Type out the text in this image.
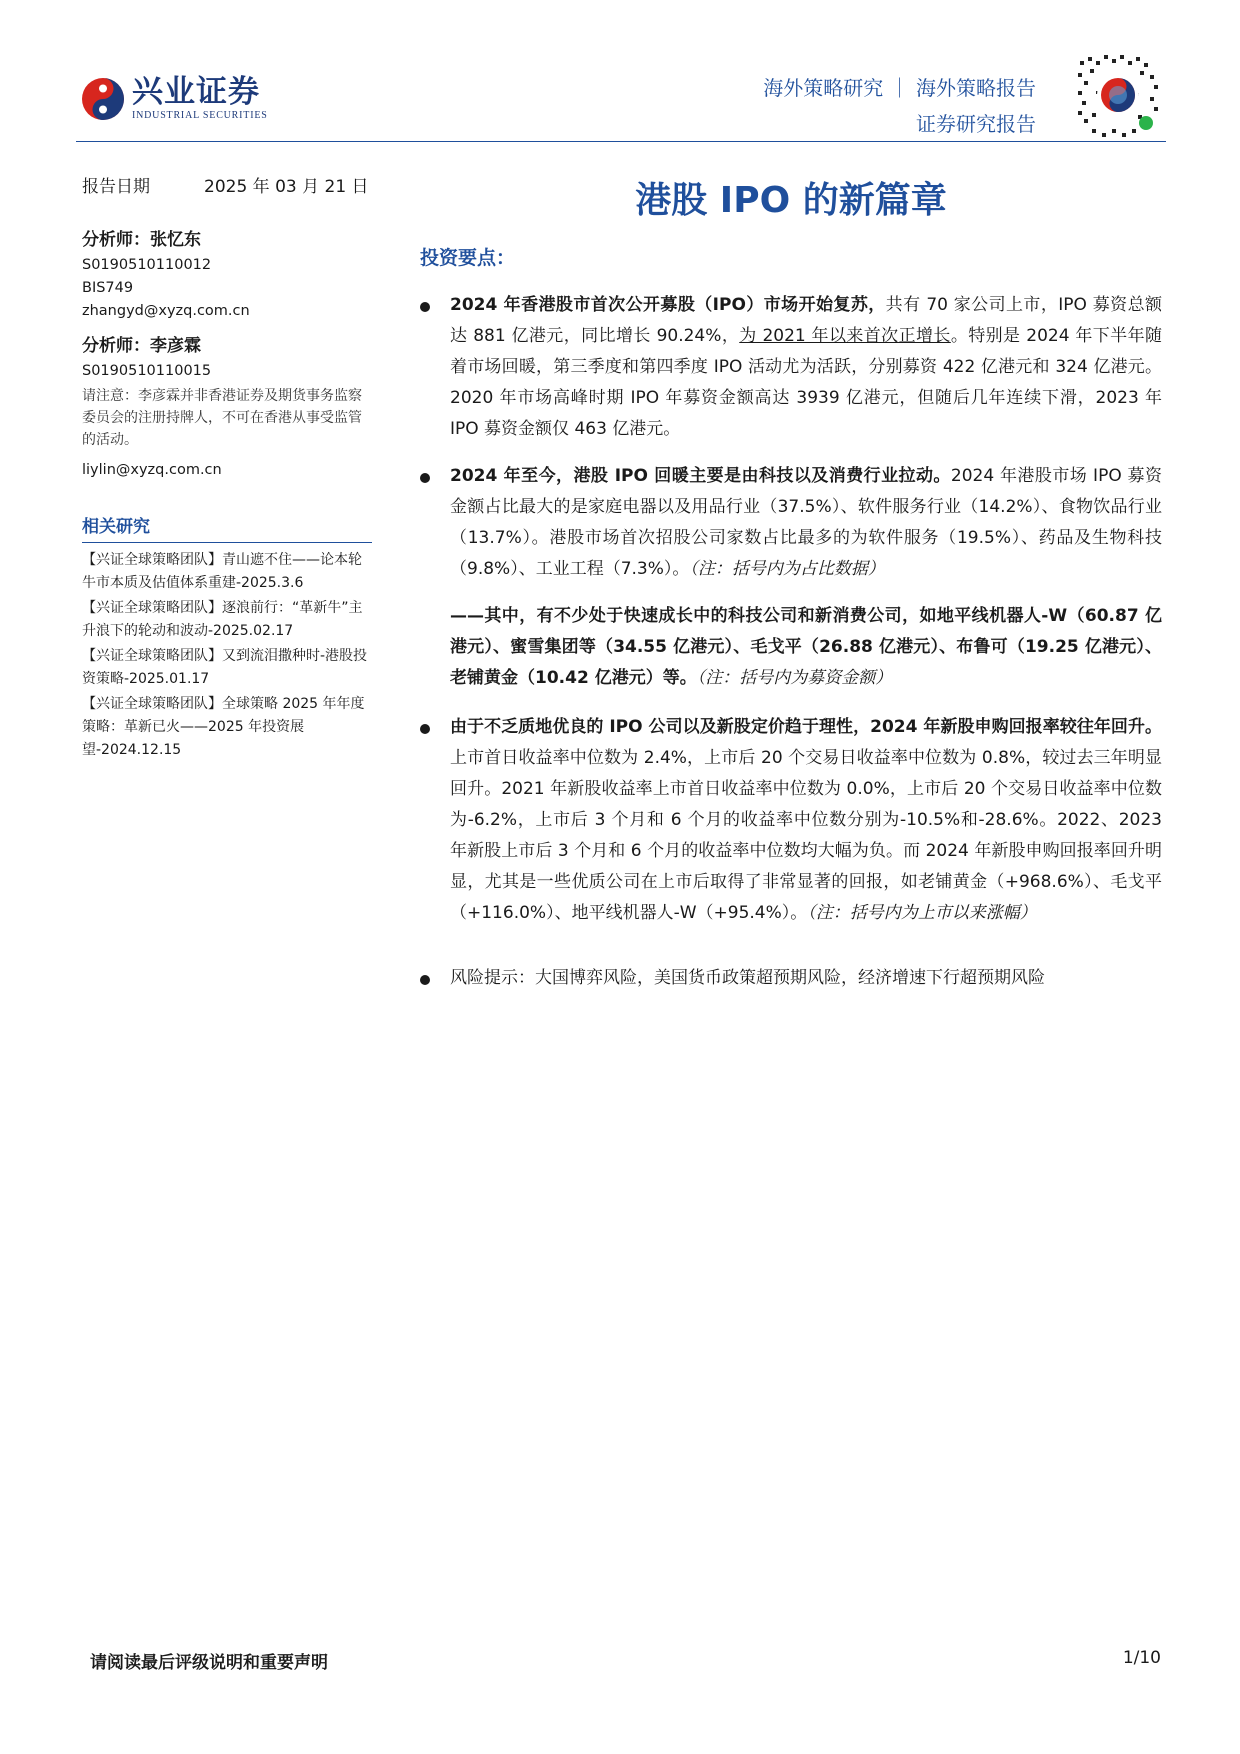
兴业证券
INDUSTRIAL SECURITIES
海外策略研究 ｜ 海外策略报告
证券研究报告
报告日期	2025 年 03 月 21 日
分析师：张忆东
S0190510110012
BIS749
zhangyd@xyzq.com.cn
分析师：李彦霖
S0190510110015
请注意：李彦霖并非香港证券及期货事务监察委员会的注册持牌人，不可在香港从事受监管的活动。
liylin@xyzq.com.cn
相关研究
【兴证全球策略团队】青山遮不住——论本轮牛市本质及估值体系重建-2025.3.6
【兴证全球策略团队】逐浪前行：“革新牛”主升浪下的轮动和波动-2025.02.17
【兴证全球策略团队】又到流泪撒种时-港股投资策略-2025.01.17
【兴证全球策略团队】全球策略 2025 年年度策略：革新已火——2025 年投资展望-2024.12.15
港股 IPO 的新篇章
投资要点：
2024 年香港股市首次公开募股（IPO）市场开始复苏，共有 70 家公司上市，IPO 募资总额达 881 亿港元，同比增长 90.24%，为 2021 年以来首次正增长。特别是 2024 年下半年随着市场回暖，第三季度和第四季度 IPO 活动尤为活跃，分别募资 422 亿港元和 324 亿港元。2020 年市场高峰时期 IPO 年募资金额高达 3939 亿港元，但随后几年连续下滑，2023 年 IPO 募资金额仅 463 亿港元。
2024 年至今，港股 IPO 回暖主要是由科技以及消费行业拉动。2024 年港股市场 IPO 募资金额占比最大的是家庭电器以及用品行业（37.5%）、软件服务行业（14.2%）、食物饮品行业（13.7%）。港股市场首次招股公司家数占比最多的为软件服务（19.5%）、药品及生物科技（9.8%）、工业工程（7.3%）。（注：括号内为占比数据）
——其中，有不少处于快速成长中的科技公司和新消费公司，如地平线机器人-W（60.87 亿港元）、蜜雪集团等（34.55 亿港元）、毛戈平（26.88 亿港元）、布鲁可（19.25 亿港元）、老铺黄金（10.42 亿港元）等。（注：括号内为募资金额）
由于不乏质地优良的 IPO 公司以及新股定价趋于理性，2024 年新股申购回报率较往年回升。上市首日收益率中位数为 2.4%，上市后 20 个交易日收益率中位数为 0.8%，较过去三年明显回升。2021 年新股收益率上市首日收益率中位数为 0.0%，上市后 20 个交易日收益率中位数为-6.2%，上市后 3 个月和 6 个月的收益率中位数分别为-10.5%和-28.6%。2022、2023 年新股上市后 3 个月和 6 个月的收益率中位数均大幅为负。而 2024 年新股申购回报率回升明显，尤其是一些优质公司在上市后取得了非常显著的回报，如老铺黄金（+968.6%）、毛戈平（+116.0%）、地平线机器人-W（+95.4%）。（注：括号内为上市以来涨幅）
风险提示：大国博弈风险，美国货币政策超预期风险，经济增速下行超预期风险
请阅读最后评级说明和重要声明	1/10
